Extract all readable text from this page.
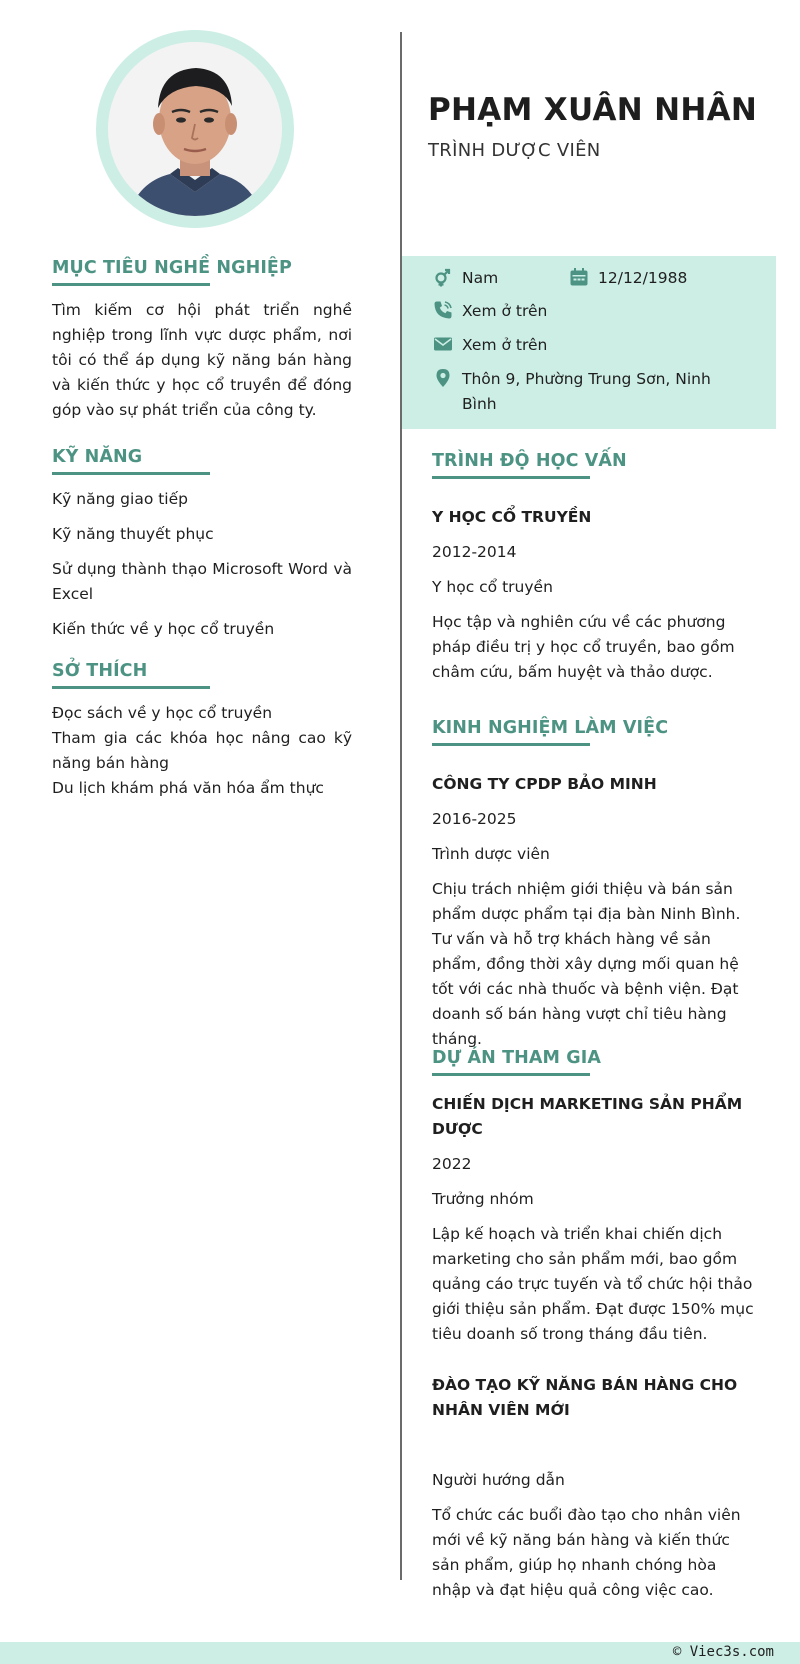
PHẠM XUÂN NHÂN
TRÌNH DƯỢC VIÊN
Nam	12/12/1988
Xem ở trên
Xem ở trên
Thôn 9, Phường Trung Sơn, Ninh Bình
MỤC TIÊU NGHỀ NGHIỆP
Tìm kiếm cơ hội phát triển nghề nghiệp trong lĩnh vực dược phẩm, nơi tôi có thể áp dụng kỹ năng bán hàng và kiến thức y học cổ truyền để đóng góp vào sự phát triển của công ty.
KỸ NĂNG
Kỹ năng giao tiếp
Kỹ năng thuyết phục
Sử dụng thành thạo Microsoft Word và Excel
Kiến thức về y học cổ truyền
SỞ THÍCH
Đọc sách về y học cổ truyền
Tham gia các khóa học nâng cao kỹ năng bán hàng
Du lịch khám phá văn hóa ẩm thực
TRÌNH ĐỘ HỌC VẤN
Y HỌC CỔ TRUYỀN
2012-2014
Y học cổ truyền
Học tập và nghiên cứu về các phương pháp điều trị y học cổ truyền, bao gồm châm cứu, bấm huyệt và thảo dược.
KINH NGHIỆM LÀM VIỆC
CÔNG TY CPDP BẢO MINH
2016-2025
Trình dược viên
Chịu trách nhiệm giới thiệu và bán sản phẩm dược phẩm tại địa bàn Ninh Bình. Tư vấn và hỗ trợ khách hàng về sản phẩm, đồng thời xây dựng mối quan hệ tốt với các nhà thuốc và bệnh viện. Đạt doanh số bán hàng vượt chỉ tiêu hàng tháng.
DỰ ÁN THAM GIA
CHIẾN DỊCH MARKETING SẢN PHẨM DƯỢC
2022
Trưởng nhóm
Lập kế hoạch và triển khai chiến dịch marketing cho sản phẩm mới, bao gồm quảng cáo trực tuyến và tổ chức hội thảo giới thiệu sản phẩm. Đạt được 150% mục tiêu doanh số trong tháng đầu tiên.
ĐÀO TẠO KỸ NĂNG BÁN HÀNG CHO NHÂN VIÊN MỚI
Người hướng dẫn
Tổ chức các buổi đào tạo cho nhân viên mới về kỹ năng bán hàng và kiến thức sản phẩm, giúp họ nhanh chóng hòa nhập và đạt hiệu quả công việc cao.
© Viec3s.com
